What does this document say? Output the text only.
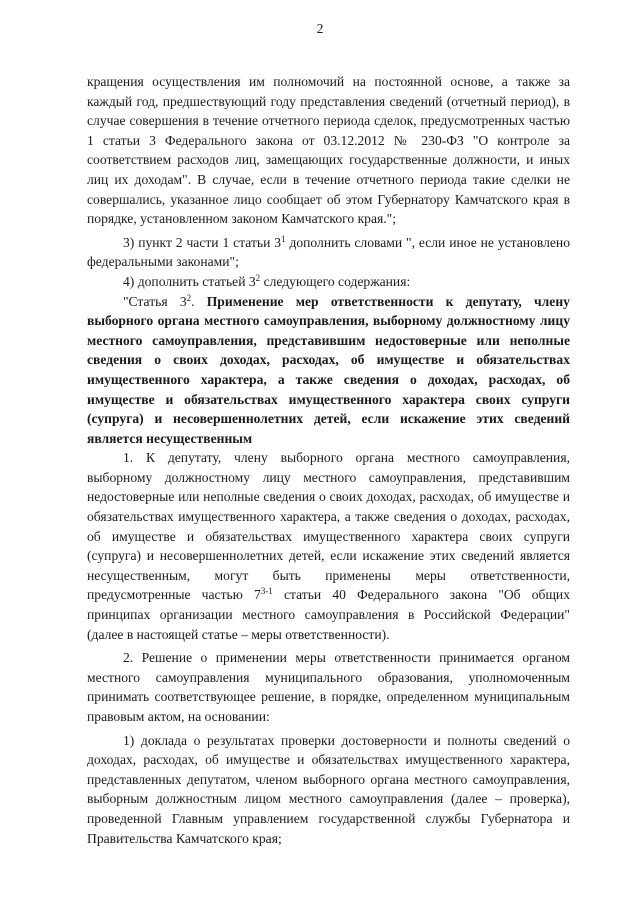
2

кращения осуществления им полномочий на постоянной основе, а также за каждый год, предшествующий году представления сведений (отчетный период), в случае совершения в течение отчетного периода сделок, предусмотренных частью 1 статьи 3 Федерального закона от 03.12.2012 № 230-ФЗ "О контроле за соответствием расходов лиц, замещающих государственные должности, и иных лиц их доходам". В случае, если в течение отчетного периода такие сделки не совершались, указанное лицо сообщает об этом Губернатору Камчатского края в порядке, установленном законом Камчатского края.";

3) пункт 2 части 1 статьи $3^1$ дополнить словами ", если иное не установлено федеральными законами";

4) дополнить статьей $3^2$ следующего содержания:

"Статья $3^2$. Применение мер ответственности к депутату, члену выборного органа местного самоуправления, выборному должностному лицу местного самоуправления, представившим недостоверные или неполные сведения о своих доходах, расходах, об имуществе и обязательствах имущественного характера, а также сведения о доходах, расходах, об имуществе и обязательствах имущественного характера своих супруги (супруга) и несовершеннолетних детей, если искажение этих сведений является несущественным

1. К депутату, члену выборного органа местного самоуправления, выборному должностному лицу местного самоуправления, представившим недостоверные или неполные сведения о своих доходах, расходах, об имуществе и обязательствах имущественного характера, а также сведения о доходах, расходах, об имуществе и обязательствах имущественного характера своих супруги (супруга) и несовершеннолетних детей, если искажение этих сведений является несущественным, могут быть применены меры ответственности, предусмотренные частью 7$^{3-1}$ статьи 40 Федерального закона "Об общих принципах организации местного самоуправления в Российской Федерации" (далее в настоящей статье – меры ответственности).

2. Решение о применении меры ответственности принимается органом местного самоуправления муниципального образования, уполномоченным принимать соответствующее решение, в порядке, определенном муниципальным правовым актом, на основании:

1) доклада о результатах проверки достоверности и полноты сведений о доходах, расходах, об имуществе и обязательствах имущественного характера, представленных депутатом, членом выборного органа местного самоуправления, выборным должностным лицом местного самоуправления (далее – проверка), проведенной Главным управлением государственной службы Губернатора и Правительства Камчатского края;
